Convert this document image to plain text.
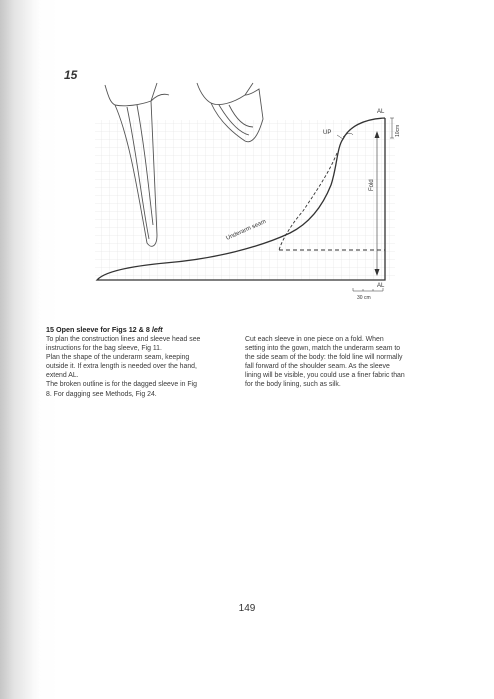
15
AL
UP
Fold
10cm
Underarm seam
AL
30 cm
15 Open sleeve for Figs 12 & 8 left

To plan the construction lines and sleeve head see

instructions for the bag sleeve, Fig 11.

Plan the shape of the underarm seam, keeping

outside it. If extra length is needed over the hand,

extend AL.

The broken outline is for the dagged sleeve in Fig

8. For dagging see Methods, Fig 24.

Cut each sleeve in one piece on a fold. When

setting into the gown, match the underarm seam to

the side seam of the body: the fold line will normally

fall forward of the shoulder seam. As the sleeve

lining will be visible, you could use a finer fabric than

for the body lining, such as silk.

149
